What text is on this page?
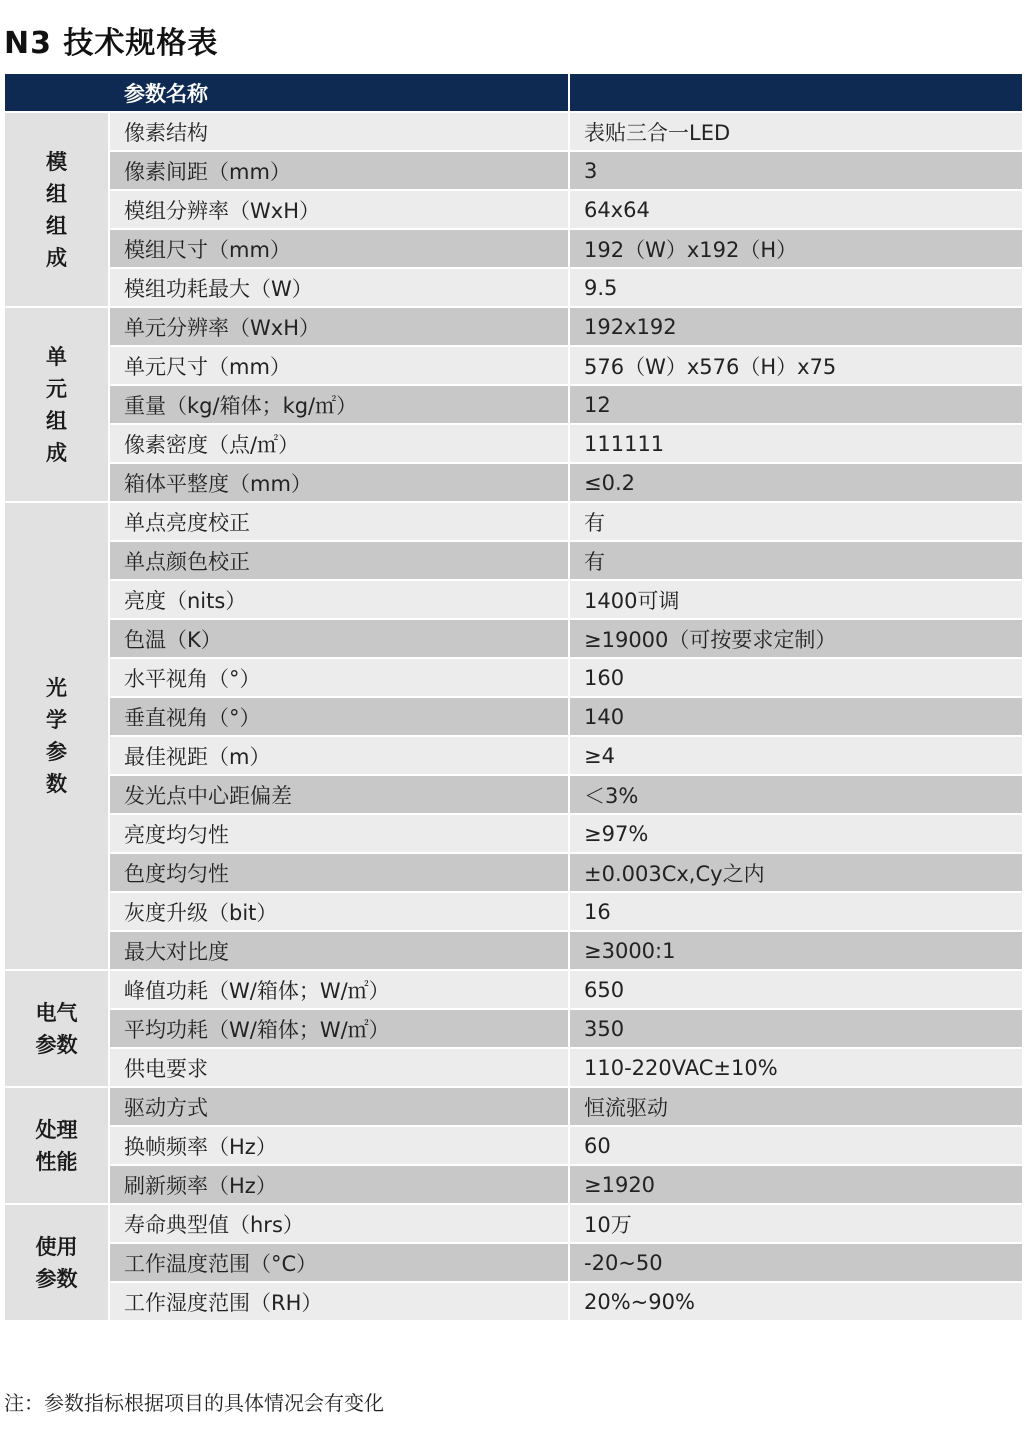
N3 技术规格表
参数名称		
模组组成	像素结构	表贴三合一LED
	像素间距（mm）	3
	模组分辨率（WxH）	64x64
	模组尺寸（mm）	192（W）x192（H）
	模组功耗最大（W）	9.5
单元组成	单元分辨率（WxH）	192x192
	单元尺寸（mm）	576（W）x576（H）x75
	重量（kg/箱体；kg/㎡）	12
	像素密度（点/㎡）	111111
	箱体平整度（mm）	≤0.2
光学参数	单点亮度校正	有
	单点颜色校正	有
	亮度（nits）	1400可调
	色温（K）	≥19000（可按要求定制）
	水平视角（°）	160
	垂直视角（°）	140
	最佳视距（m）	≥4
	发光点中心距偏差	＜3%
	亮度均匀性	≥97%
	色度均匀性	±0.003Cx,Cy之内
	灰度升级（bit）	16
	最大对比度	≥3000:1
电气参数	峰值功耗（W/箱体；W/㎡）	650
	平均功耗（W/箱体；W/㎡）	350
	供电要求	110-220VAC±10%
处理性能	驱动方式	恒流驱动
	换帧频率（Hz）	60
	刷新频率（Hz）	≥1920
使用参数	寿命典型值（hrs）	10万
	工作温度范围（°C）	-20~50
	工作湿度范围（RH）	20%~90%
注：参数指标根据项目的具体情况会有变化
